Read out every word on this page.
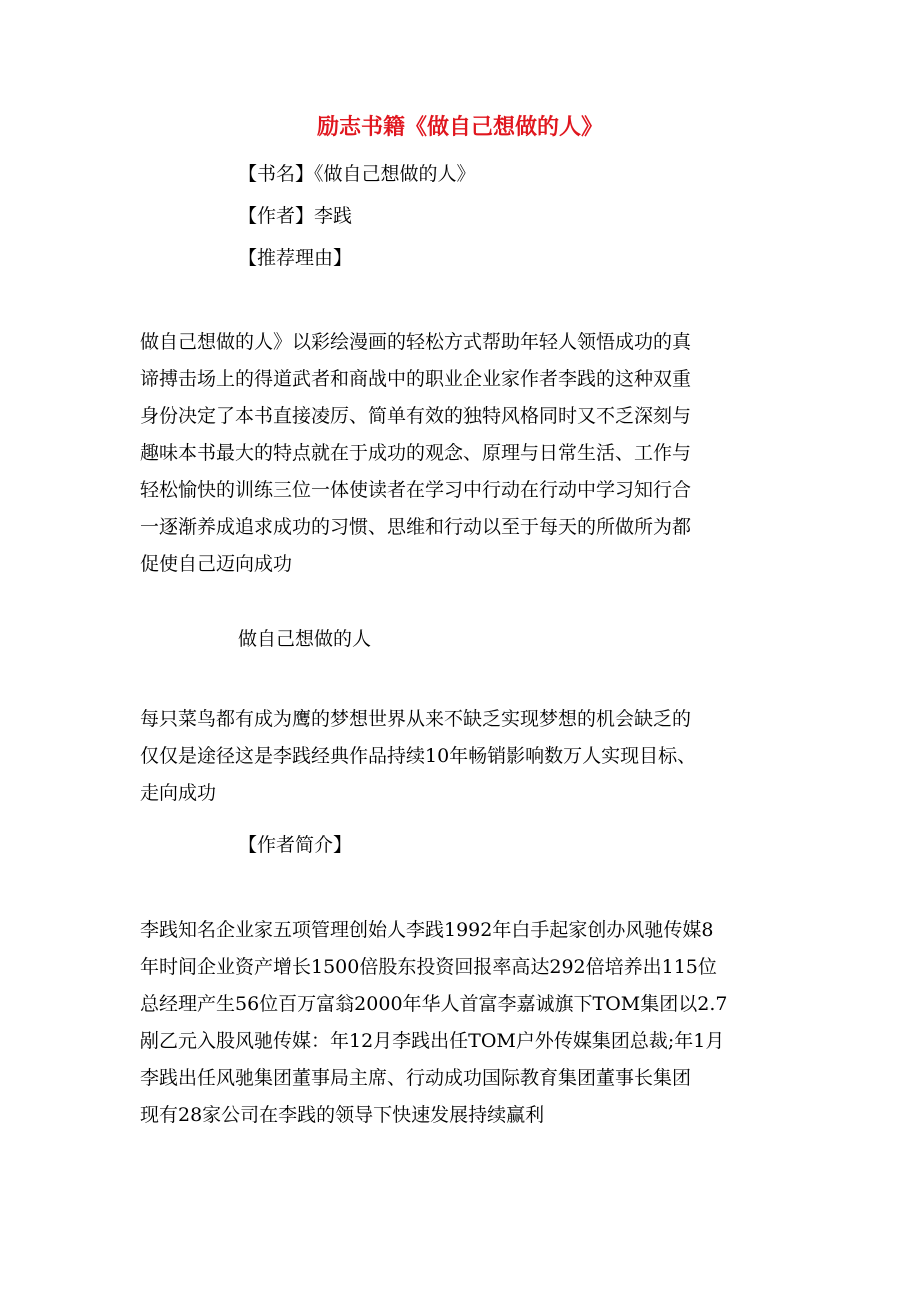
励志书籍《做自己想做的人》
【书名】《做自己想做的人》
【作者】李践
【推荐理由】
做自己想做的人》以彩绘漫画的轻松方式帮助年轻人领悟成功的真
谛搏击场上的得道武者和商战中的职业企业家作者李践的这种双重
身份决定了本书直接凌厉、简单有效的独特风格同时又不乏深刻与
趣味本书最大的特点就在于成功的观念、原理与日常生活、工作与
轻松愉快的训练三位一体使读者在学习中行动在行动中学习知行合
一逐渐养成追求成功的习惯、思维和行动以至于每天的所做所为都
促使自己迈向成功
做自己想做的人
每只菜鸟都有成为鹰的梦想世界从来不缺乏实现梦想的机会缺乏的
仅仅是途径这是李践经典作品持续10年畅销影响数万人实现目标、
走向成功
【作者简介】
李践知名企业家五项管理创始人李践1992年白手起家创办风驰传媒8
年时间企业资产增长1500倍股东投资回报率高达292倍培养出115位
总经理产生56位百万富翁2000年华人首富李嘉诚旗下TOM集团以2.7
剐乙元入股风驰传媒：年12月李践出任TOM户外传媒集团总裁;年1月
李践出任风驰集团董事局主席、行动成功国际教育集团董事长集团
现有28家公司在李践的领导下快速发展持续赢利
